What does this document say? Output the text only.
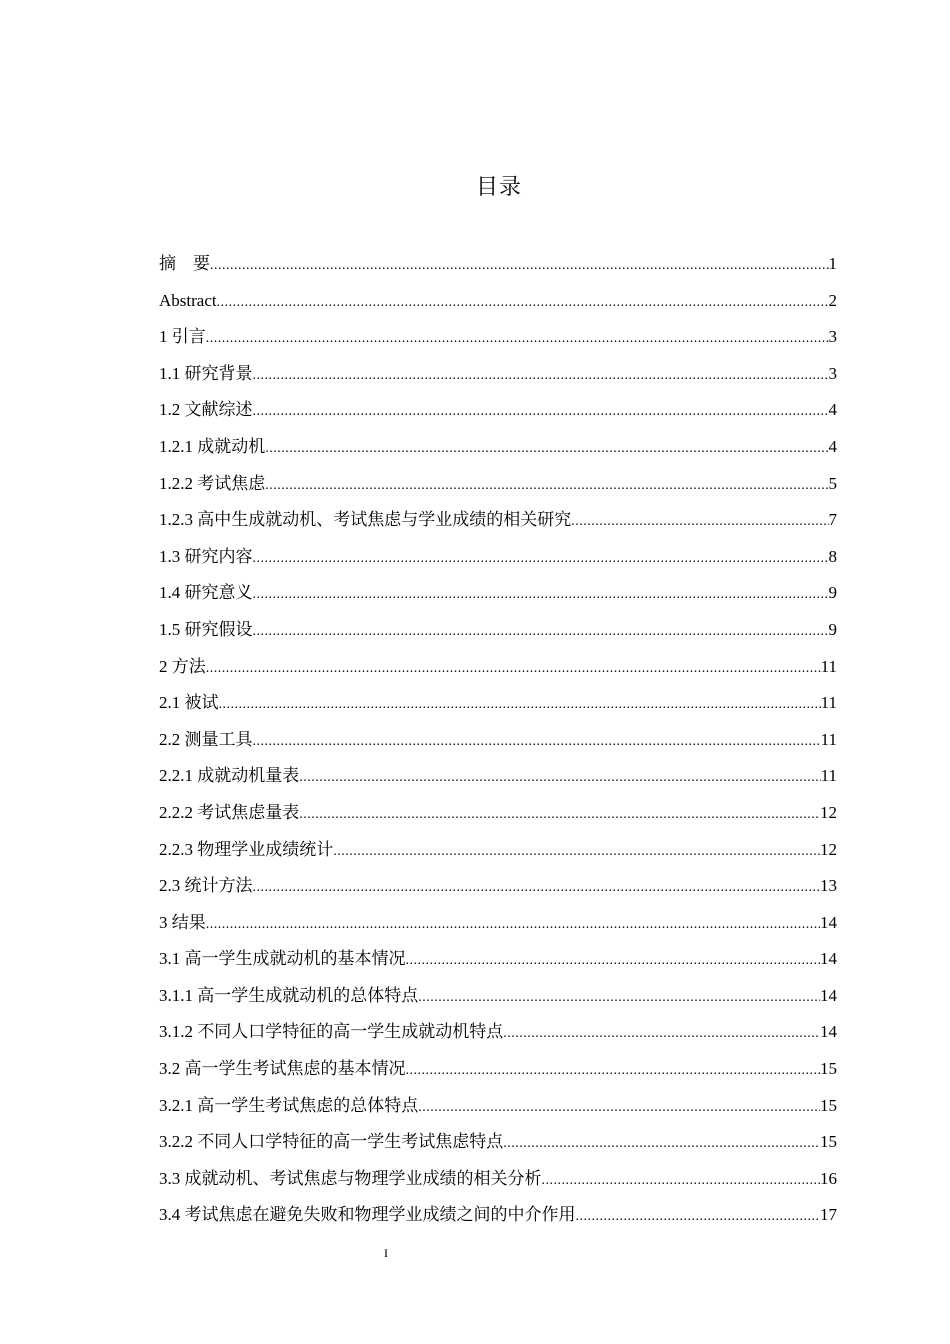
目录
摘　要 .....	1
Abstract .....	2
1 引言 .....	3
1.1 研究背景 .....	3
1.2 文献综述 .....	4
1.2.1 成就动机 .....	4
1.2.2 考试焦虑 .....	5
1.2.3 高中生成就动机、考试焦虑与学业成绩的相关研究 .....	7
1.3 研究内容 .....	8
1.4 研究意义 .....	9
1.5 研究假设 .....	9
2 方法 .....	11
2.1 被试 .....	11
2.2 测量工具 .....	11
2.2.1 成就动机量表 .....	11
2.2.2 考试焦虑量表 .....	12
2.2.3 物理学业成绩统计 .....	12
2.3 统计方法 .....	13
3 结果 .....	14
3.1 高一学生成就动机的基本情况 .....	14
3.1.1 高一学生成就动机的总体特点 .....	14
3.1.2 不同人口学特征的高一学生成就动机特点 .....	14
3.2 高一学生考试焦虑的基本情况 .....	15
3.2.1 高一学生考试焦虑的总体特点 .....	15
3.2.2 不同人口学特征的高一学生考试焦虑特点 .....	15
3.3 成就动机、考试焦虑与物理学业成绩的相关分析 .....	16
3.4 考试焦虑在避免失败和物理学业成绩之间的中介作用 .....	17
I
